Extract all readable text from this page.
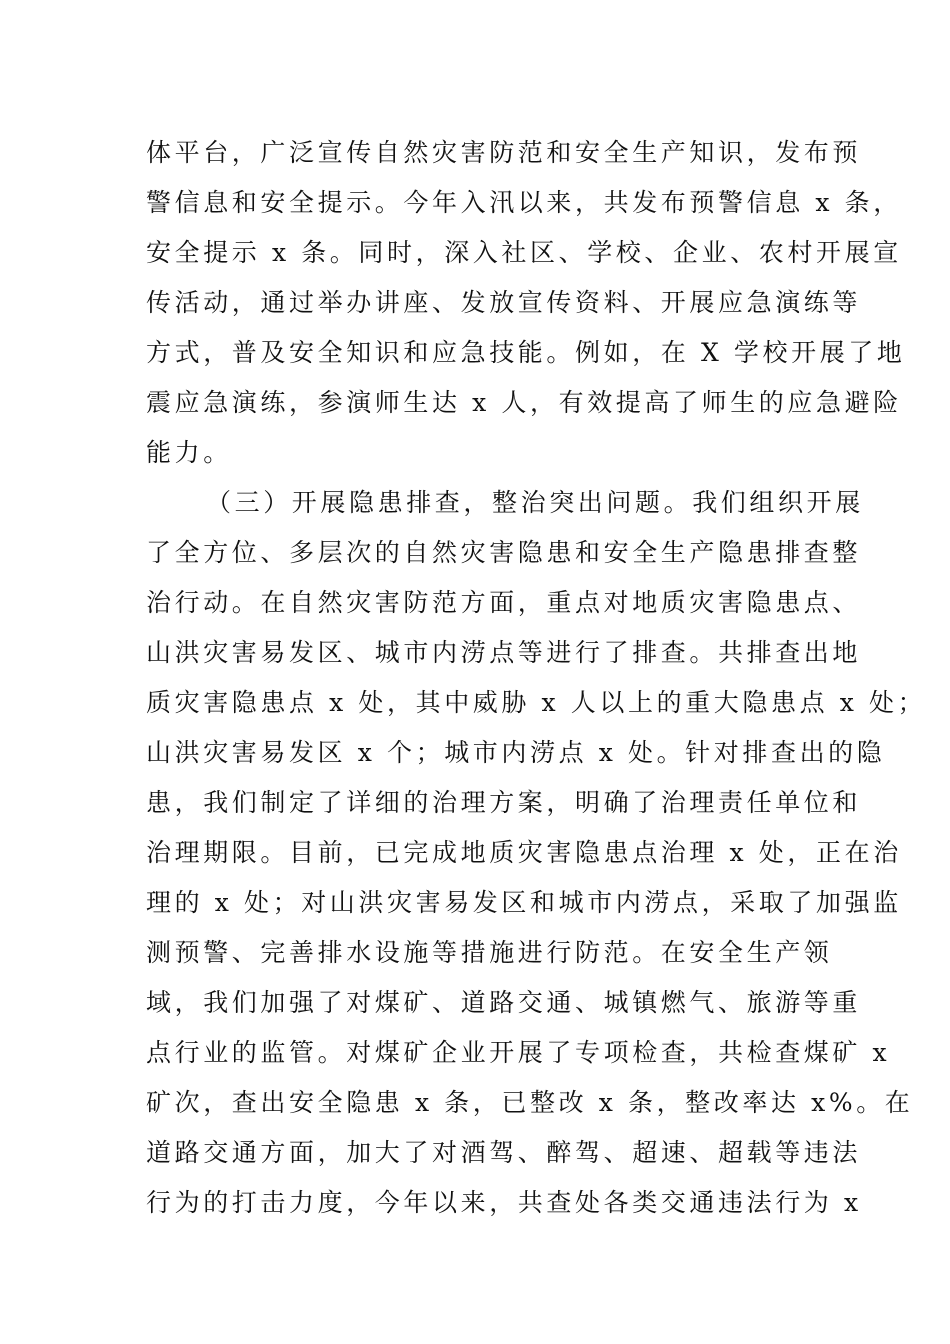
体平台，广泛宣传自然灾害防范和安全生产知识，发布预
警信息和安全提示。今年入汛以来，共发布预警信息 x 条，
安全提示 x 条。同时，深入社区、学校、企业、农村开展宣
传活动，通过举办讲座、发放宣传资料、开展应急演练等
方式，普及安全知识和应急技能。例如，在 X 学校开展了地
震应急演练，参演师生达 x 人，有效提高了师生的应急避险
能力。
（三）开展隐患排查，整治突出问题。我们组织开展
了全方位、多层次的自然灾害隐患和安全生产隐患排查整
治行动。在自然灾害防范方面，重点对地质灾害隐患点、
山洪灾害易发区、城市内涝点等进行了排查。共排查出地
质灾害隐患点 x 处，其中威胁 x 人以上的重大隐患点 x 处；
山洪灾害易发区 x 个；城市内涝点 x 处。针对排查出的隐
患，我们制定了详细的治理方案，明确了治理责任单位和
治理期限。目前，已完成地质灾害隐患点治理 x 处，正在治
理的 x 处；对山洪灾害易发区和城市内涝点，采取了加强监
测预警、完善排水设施等措施进行防范。在安全生产领
域，我们加强了对煤矿、道路交通、城镇燃气、旅游等重
点行业的监管。对煤矿企业开展了专项检查，共检查煤矿 x
矿次，查出安全隐患 x 条，已整改 x 条，整改率达 x%。在
道路交通方面，加大了对酒驾、醉驾、超速、超载等违法
行为的打击力度，今年以来，共查处各类交通违法行为 x
